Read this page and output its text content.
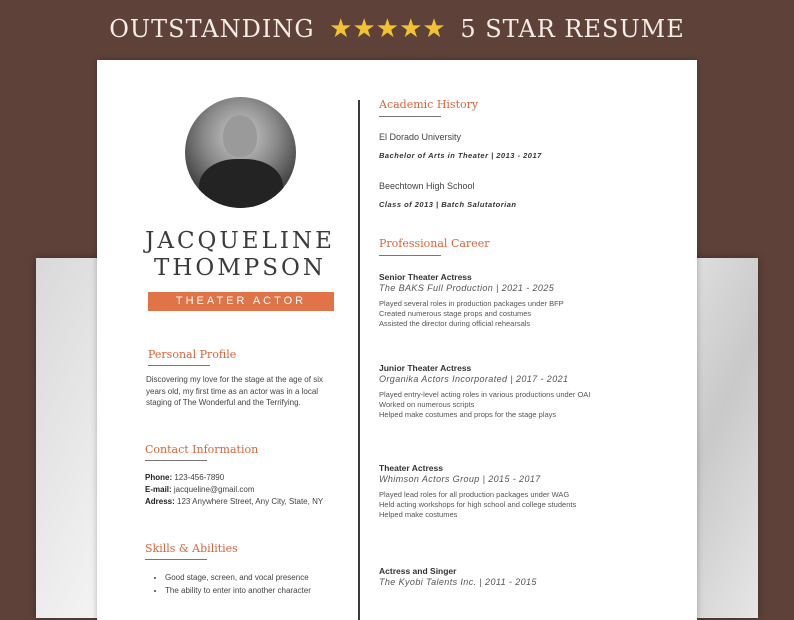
OUTSTANDING ★★★★★ 5 STAR RESUME
JACQUELINE
THOMPSON
THEATER ACTOR
Personal Profile
Discovering my love for the stage at the age of six years old, my first time as an actor was in a local staging of The Wonderful and the Terrifying.
Contact Information
Phone: 123-456-7890
E-mail: jacqueline@gmail.com
Adress: 123 Anywhere Street, Any City, State, NY
Skills & Abilities
• Good stage, screen, and vocal presence
• The ability to enter into another character
Academic History
El Dorado University
Bachelor of Arts in Theater | 2013 - 2017
Beechtown High School
Class of 2013 | Batch Salutatorian
Professional Career
Senior Theater Actress
The BAKS Full Production | 2021 - 2025
Played several roles in production packages under BFP
Created numerous stage props and costumes
Assisted the director during official rehearsals
Junior Theater Actress
Organika Actors Incorporated | 2017 - 2021
Played entry-level acting roles in various productions under OAI
Worked on numerous scripts
Helped make costumes and props for the stage plays
Theater Actress
Whimson Actors Group | 2015 - 2017
Played lead roles for all production packages under WAG
Held acting workshops for high school and college students
Helped make costumes
Actress and Singer
The Kyobi Talents Inc. | 2011 - 2015
